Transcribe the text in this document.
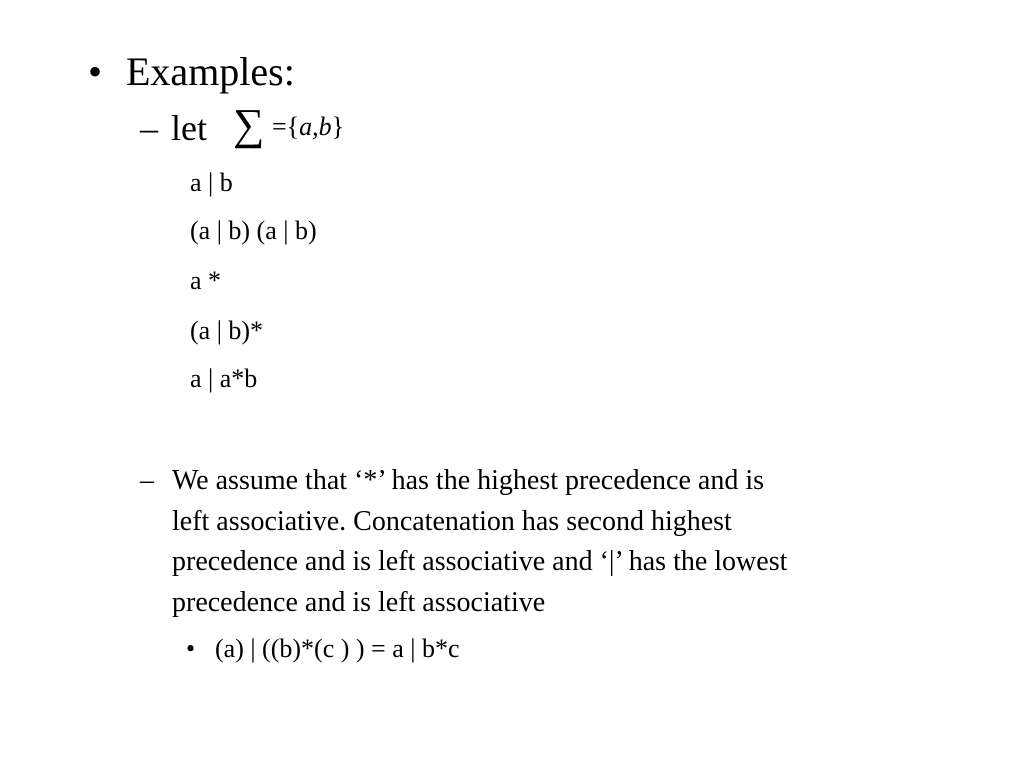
• Examples:
– let ∑ ={a,b}
a | b
(a | b) (a | b)
a *
(a | b)*
a | a*b
– We assume that ‘*’ has the highest precedence and is
left associative. Concatenation has second highest
precedence and is left associative and ‘|’ has the lowest
precedence and is left associative
• (a) | ((b)*(c ) ) = a | b*c
